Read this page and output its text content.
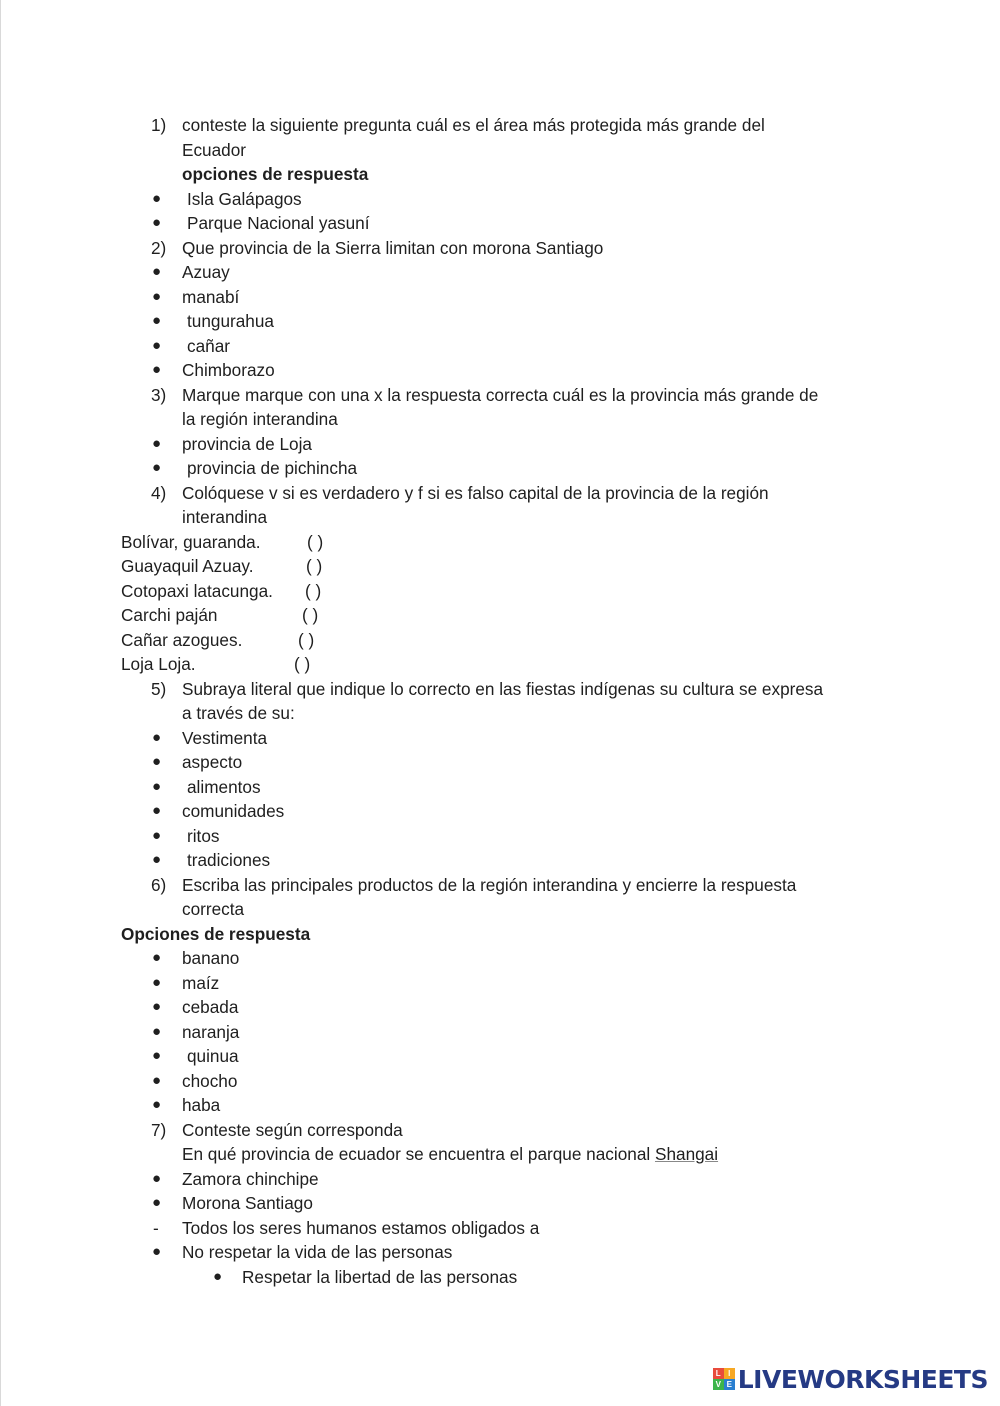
1) conteste la siguiente pregunta cuál es el área más protegida más grande del
Ecuador
opciones de respuesta
● Isla Galápagos
● Parque Nacional yasuní
2) Que provincia de la Sierra limitan con morona Santiago
● Azuay
● manabí
● tungurahua
● cañar
● Chimborazo
3) Marque marque con una x la respuesta correcta cuál es la provincia más grande de
la región interandina
● provincia de Loja
● provincia de pichincha
4) Colóquese v si es verdadero y f si es falso capital de la provincia de la región
interandina
Bolívar, guaranda.	( )
Guayaquil Azuay.	( )
Cotopaxi latacunga. ( )
Carchi paján	( )
Cañar azogues.	( )
Loja Loja.	( )
5) Subraya literal que indique lo correcto en las fiestas indígenas su cultura se expresa
a través de su:
● Vestimenta
● aspecto
● alimentos
● comunidades
● ritos
● tradiciones
6) Escriba las principales productos de la región interandina y encierre la respuesta
correcta
Opciones de respuesta
● banano
● maíz
● cebada
● naranja
● quinua
● chocho
● haba
7) Conteste según corresponda
En qué provincia de ecuador se encuentra el parque nacional Shangai
● Zamora chinchipe
● Morona Santiago
- Todos los seres humanos estamos obligados a
● No respetar la vida de las personas
● Respetar la libertad de las personas
L I
V E LIVEWORKSHEETS
